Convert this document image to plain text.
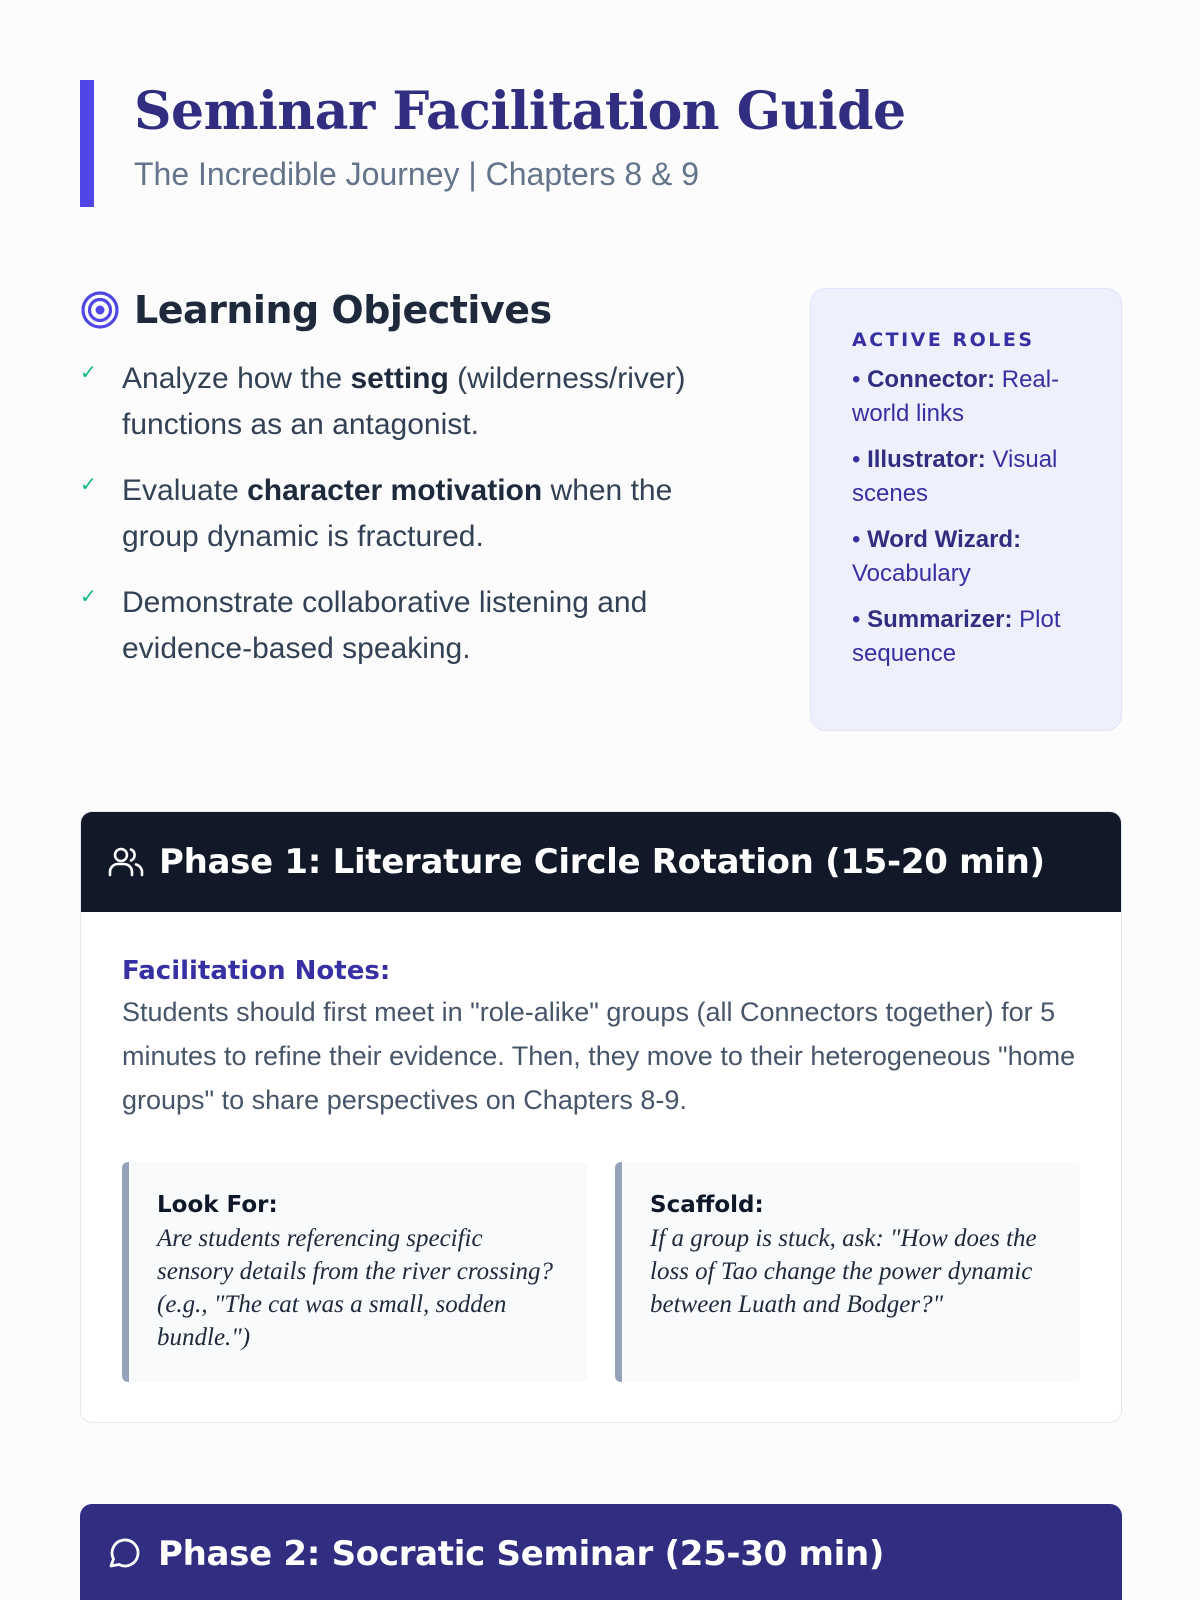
Seminar Facilitation Guide
The Incredible Journey | Chapters 8 & 9
Learning Objectives
✓ Analyze how the setting (wilderness/river) functions as an antagonist.
✓ Evaluate character motivation when the group dynamic is fractured.
✓ Demonstrate collaborative listening and evidence-based speaking.
ACTIVE ROLES
• Connector: Real-world links
• Illustrator: Visual scenes
• Word Wizard: Vocabulary
• Summarizer: Plot sequence
Phase 1: Literature Circle Rotation (15-20 min)
Facilitation Notes:

Students should first meet in "role-alike" groups (all Connectors together) for 5 minutes to refine their evidence. Then, they move to their heterogeneous "home groups" to share perspectives on Chapters 8-9.

Look For:
Are students referencing specific sensory details from the river crossing? (e.g., "The cat was a small, sodden bundle.")
Scaffold:
If a group is stuck, ask: "How does the loss of Tao change the power dynamic between Luath and Bodger?"
Phase 2: Socratic Seminar (25-30 min)
